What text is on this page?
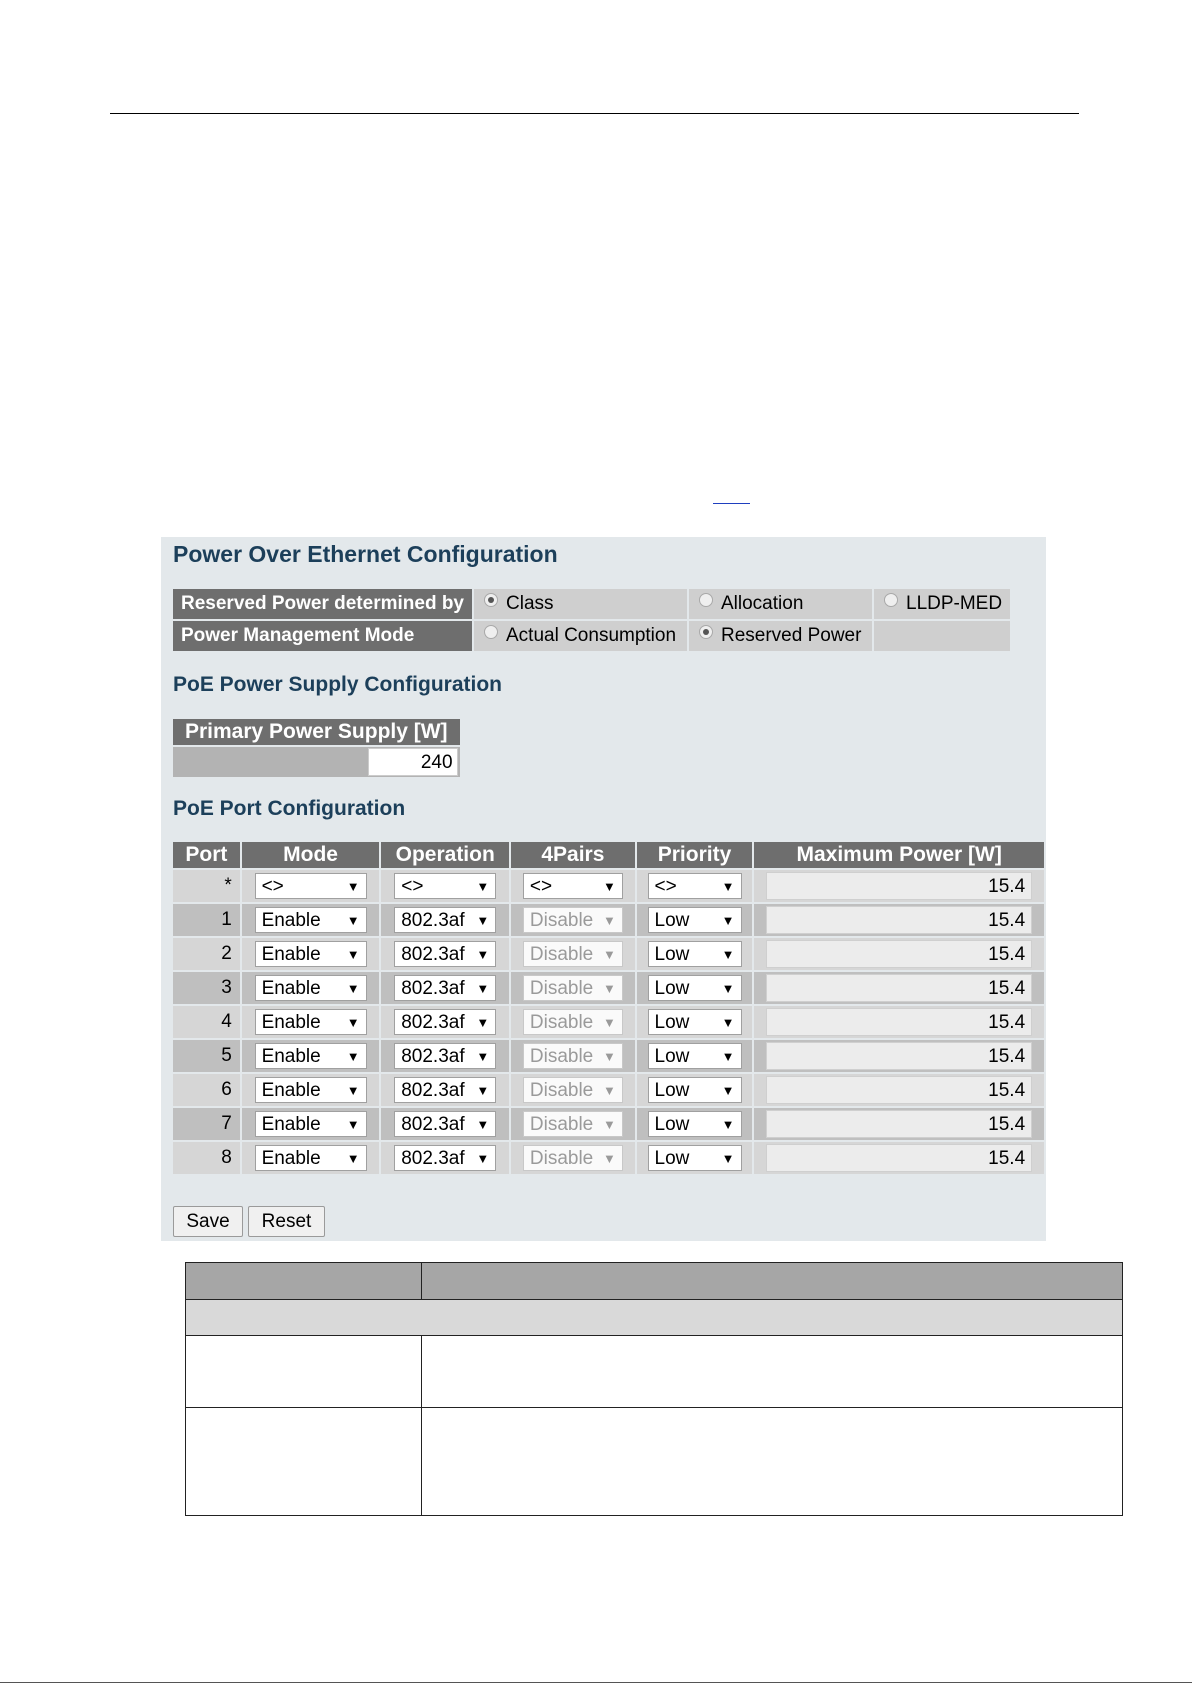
Power Over Ethernet Configuration
Reserved Power determined by	Class	Allocation	LLDP-MED
Power Management Mode	Actual Consumption	Reserved Power	
PoE Power Supply Configuration
Primary Power Supply [W]
240
PoE Port Configuration
Port	Mode	Operation	4Pairs	Priority	Maximum Power [W]
*	<> ▼	<> ▼	<> ▼	<> ▼	15.4
1	Enable ▼	802.3af ▼	Disable ▼	Low ▼	15.4
2	Enable ▼	802.3af ▼	Disable ▼	Low ▼	15.4
3	Enable ▼	802.3af ▼	Disable ▼	Low ▼	15.4
4	Enable ▼	802.3af ▼	Disable ▼	Low ▼	15.4
5	Enable ▼	802.3af ▼	Disable ▼	Low ▼	15.4
6	Enable ▼	802.3af ▼	Disable ▼	Low ▼	15.4
7	Enable ▼	802.3af ▼	Disable ▼	Low ▼	15.4
8	Enable ▼	802.3af ▼	Disable ▼	Low ▼	15.4
Save	Reset
